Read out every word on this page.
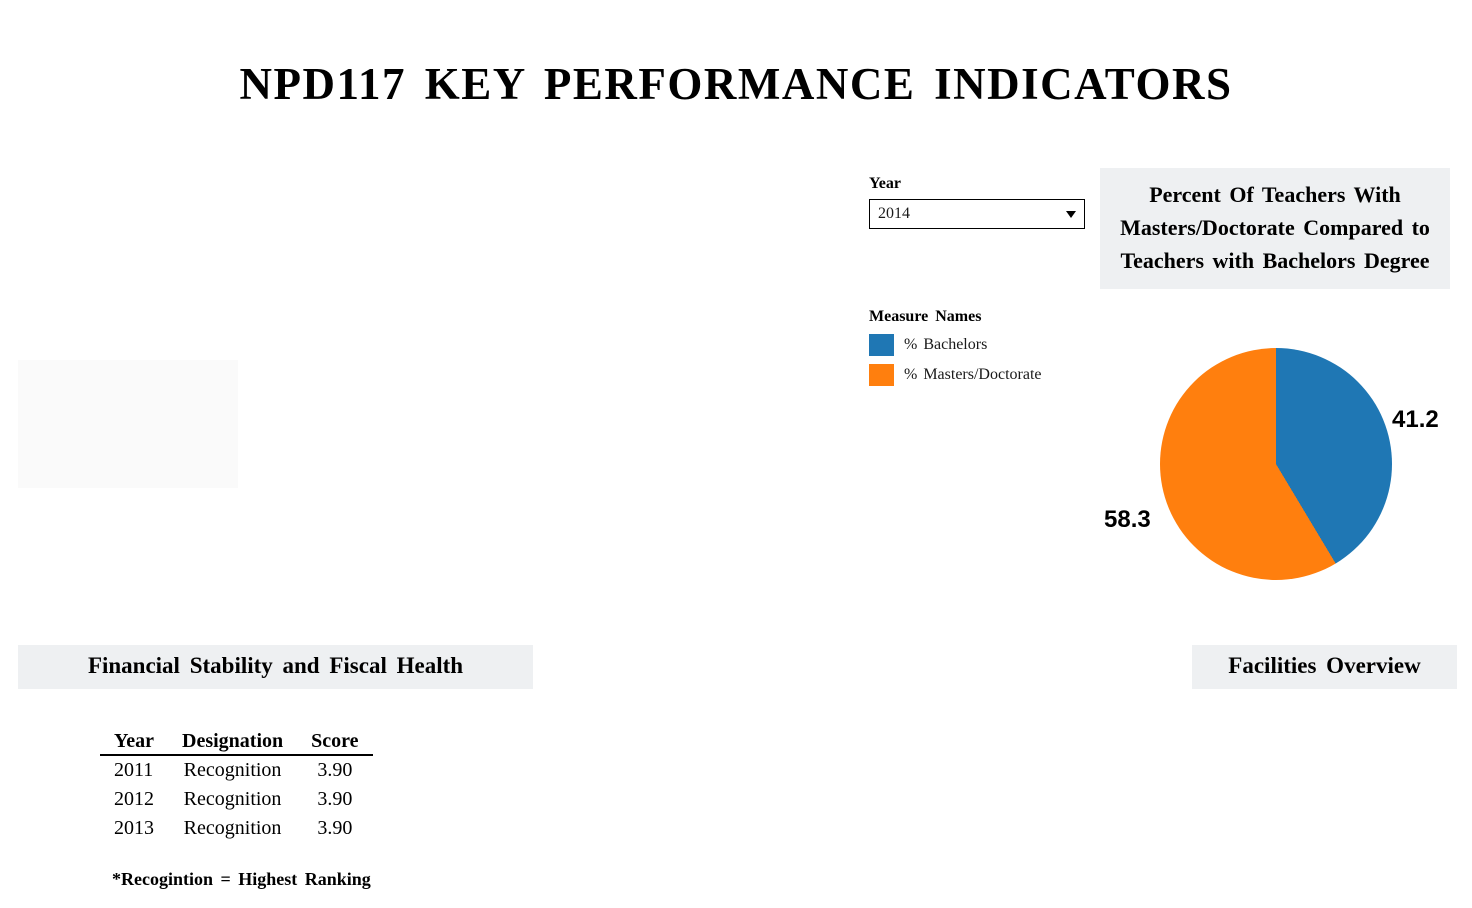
NPD117 KEY PERFORMANCE INDICATORS
Year
2014
Measure Names
% Bachelors
% Masters/Doctorate
Percent Of Teachers With Masters/Doctorate Compared to Teachers with Bachelors Degree
41.2
58.3
Financial Stability and Fiscal Health
Year	Designation	Score
2011	Recognition	3.90
2012	Recognition	3.90
2013	Recognition	3.90
*Recogintion = Highest Ranking
Facilities Overview
